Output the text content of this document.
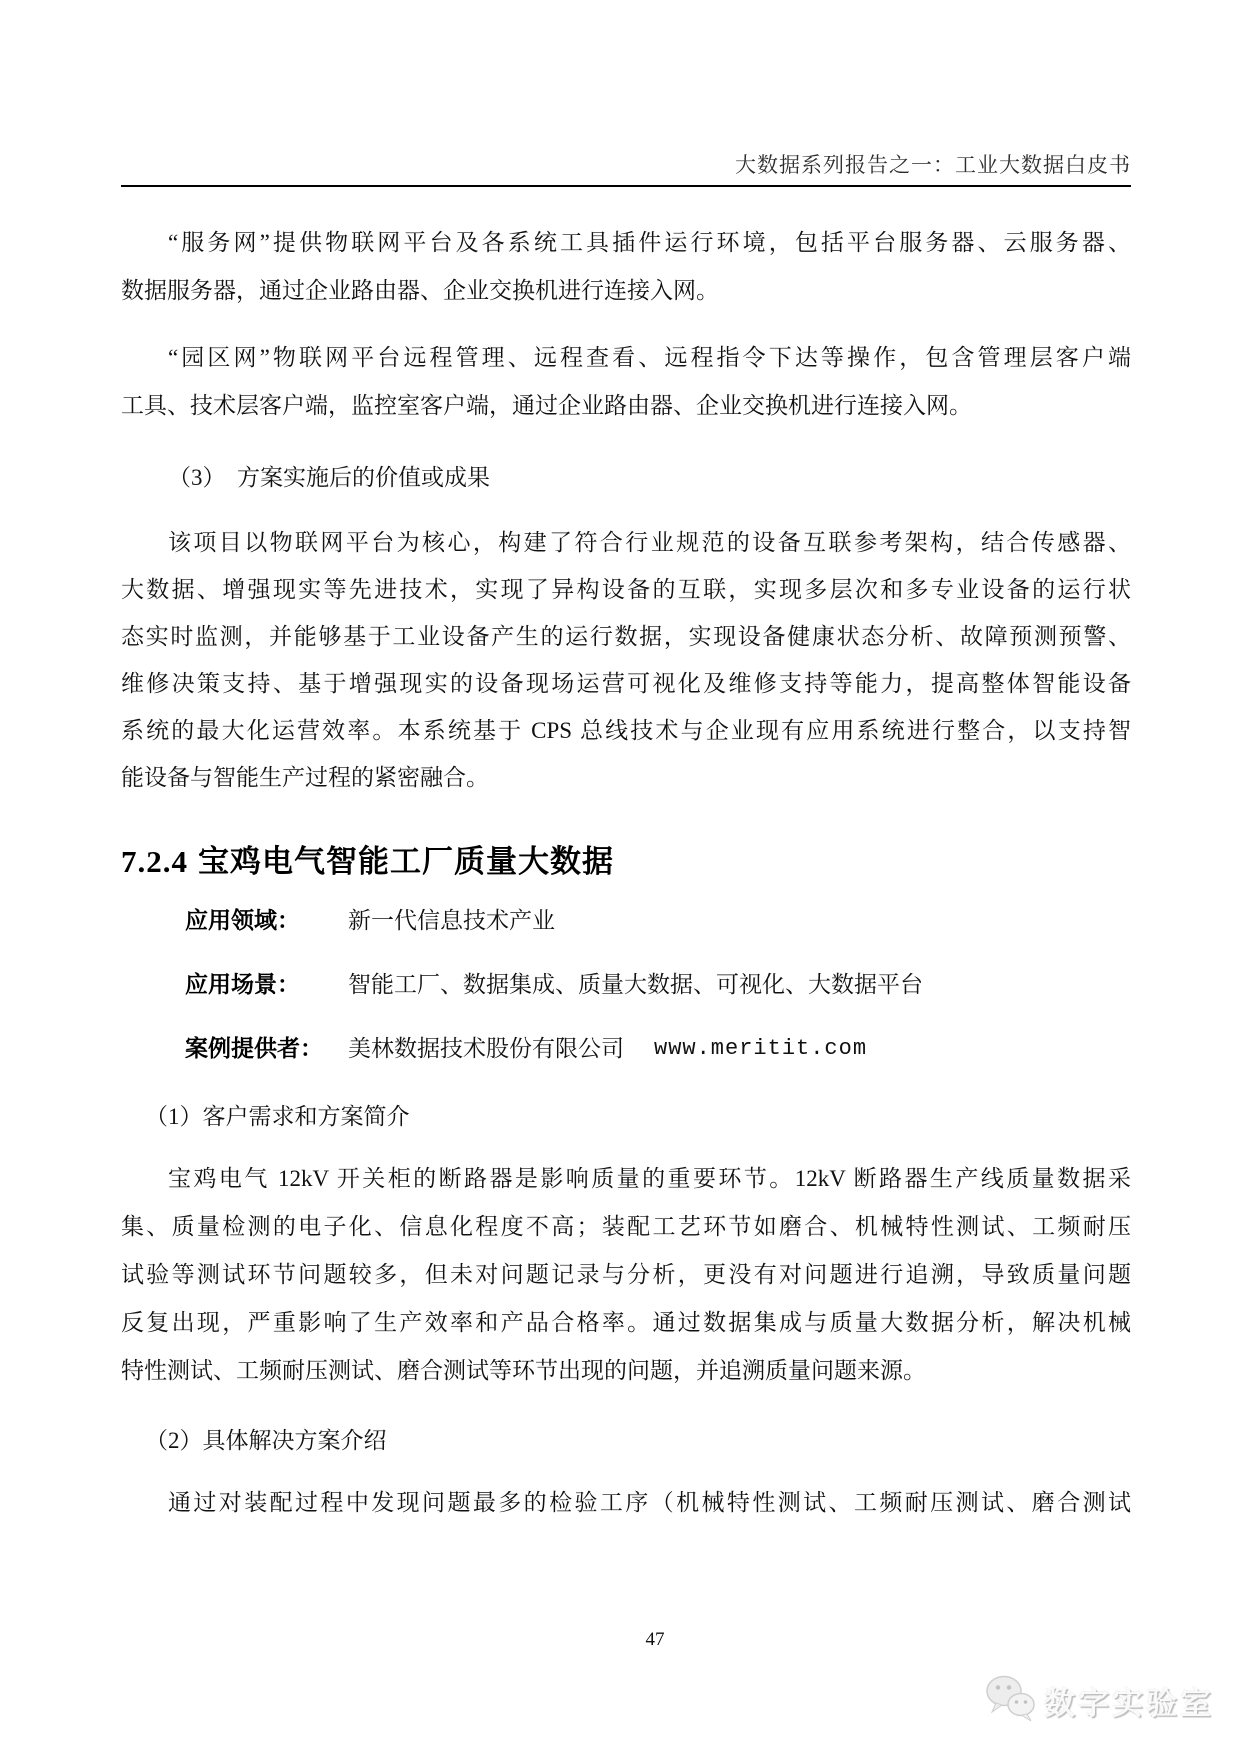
大数据系列报告之一：工业大数据白皮书
“服务网”提供物联网平台及各系统工具插件运行环境，包括平台服务器、云服务器、
数据服务器，通过企业路由器、企业交换机进行连接入网。
“园区网”物联网平台远程管理、远程查看、远程指令下达等操作，包含管理层客户端
工具、技术层客户端，监控室客户端，通过企业路由器、企业交换机进行连接入网。
（3）　方案实施后的价值或成果
该项目以物联网平台为核心，构建了符合行业规范的设备互联参考架构，结合传感器、
大数据、增强现实等先进技术，实现了异构设备的互联，实现多层次和多专业设备的运行状
态实时监测，并能够基于工业设备产生的运行数据，实现设备健康状态分析、故障预测预警、
维修决策支持、基于增强现实的设备现场运营可视化及维修支持等能力，提高整体智能设备
系统的最大化运营效率。本系统基于 CPS 总线技术与企业现有应用系统进行整合，以支持智
能设备与智能生产过程的紧密融合。
7.2.4 宝鸡电气智能工厂质量大数据
应用领域：	新一代信息技术产业
应用场景：	智能工厂、数据集成、质量大数据、可视化、大数据平台
案例提供者：	美林数据技术股份有限公司 www.meritit.com
（1）客户需求和方案简介
宝鸡电气 12kV 开关柜的断路器是影响质量的重要环节。12kV 断路器生产线质量数据采
集、质量检测的电子化、信息化程度不高；装配工艺环节如磨合、机械特性测试、工频耐压
试验等测试环节问题较多，但未对问题记录与分析，更没有对问题进行追溯，导致质量问题
反复出现，严重影响了生产效率和产品合格率。通过数据集成与质量大数据分析，解决机械
特性测试、工频耐压测试、磨合测试等环节出现的问题，并追溯质量问题来源。
（2）具体解决方案介绍
通过对装配过程中发现问题最多的检验工序（机械特性测试、工频耐压测试、磨合测试
47
数字实验室
